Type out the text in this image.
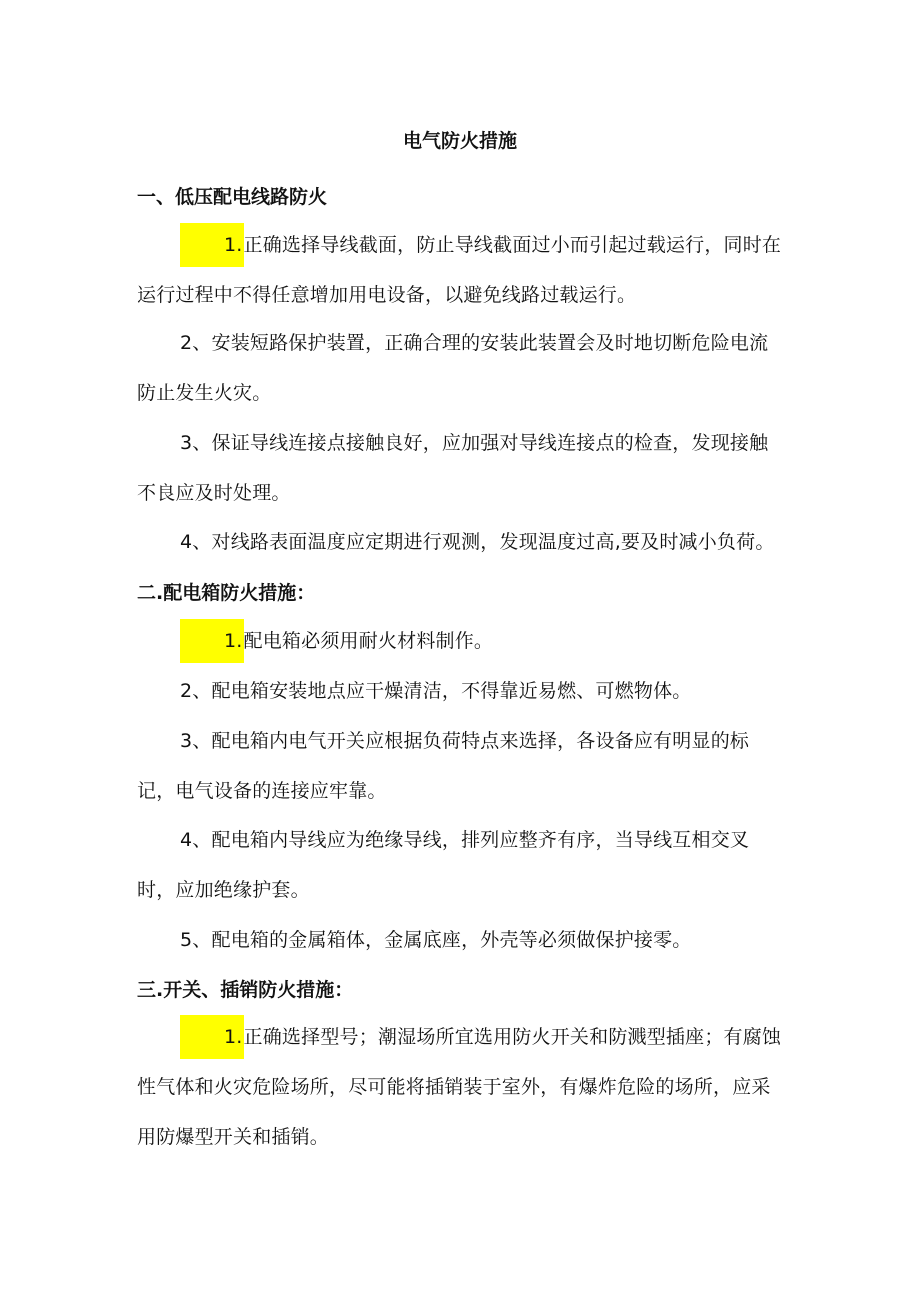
电气防火措施
一、低压配电线路防火

1.正确选择导线截面，防止导线截面过小而引起过载运行，同时在运行过程中不得任意增加用电设备，以避免线路过载运行。

2、安装短路保护装置，正确合理的安装此装置会及时地切断危险电流防止发生火灾。

3、保证导线连接点接触良好，应加强对导线连接点的检查，发现接触不良应及时处理。

4、对线路表面温度应定期进行观测，发现温度过高,要及时减小负荷。

二.配电箱防火措施：

1.配电箱必须用耐火材料制作。

2、配电箱安装地点应干燥清洁，不得靠近易燃、可燃物体。

3、配电箱内电气开关应根据负荷特点来选择，各设备应有明显的标记，电气设备的连接应牢靠。

4、配电箱内导线应为绝缘导线，排列应整齐有序，当导线互相交叉时，应加绝缘护套。

5、配电箱的金属箱体，金属底座，外壳等必须做保护接零。

三.开关、插销防火措施：

1.正确选择型号；潮湿场所宜选用防火开关和防溅型插座；有腐蚀性气体和火灾危险场所，尽可能将插销装于室外，有爆炸危险的场所，应采用防爆型开关和插销。
